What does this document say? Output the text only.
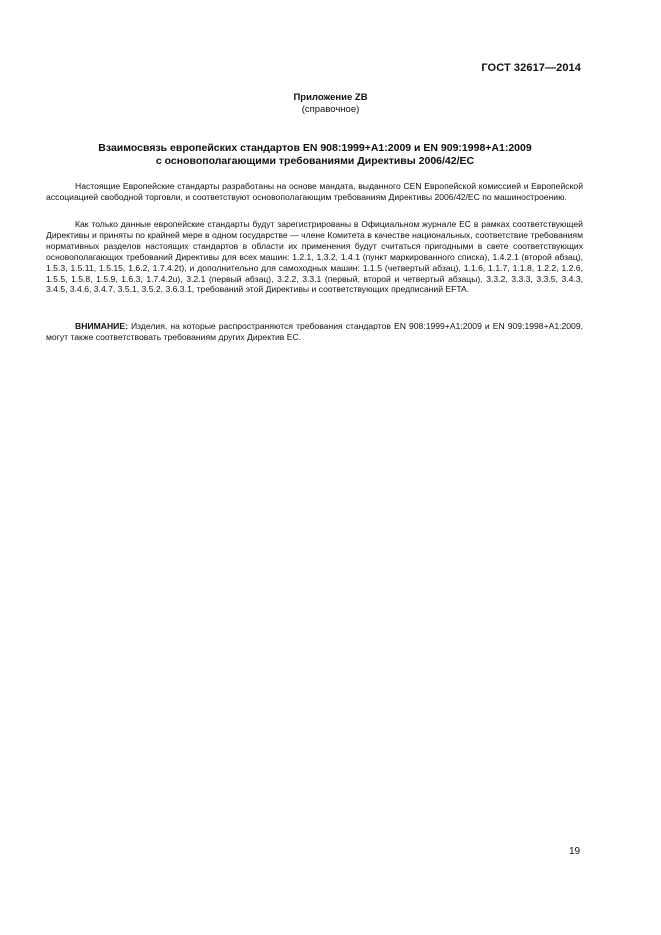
ГОСТ 32617—2014
Приложение ZВ
(справочное)
Взаимосвязь европейских стандартов EN 908:1999+А1:2009 и EN 909:1998+А1:2009
с основополагающими требованиями Директивы 2006/42/ЕС

Настоящие Европейские стандарты разработаны на основе мандата, выданного CEN Европейской комиссией и Европейской ассоциацией свободной торговли, и соответствуют основополагающим требованиям Директивы 2006/42/ЕС по машиностроению.

Как только данные европейские стандарты будут зарегистрированы в Официальном журнале ЕС в рамках соответствующей Директивы и приняты по крайней мере в одном государстве — члене Комитета в качестве национальных, соответствие требованиям нормативных разделов настоящих стандартов в области их применения будут считаться пригодными в свете соответствующих основополагающих требований Директивы для всех машин: 1.2.1, 1.3.2, 1.4.1 (пункт маркированного списка), 1.4.2.1 (второй абзац), 1.5.3, 1.5.11, 1.5.15, 1.6.2, 1.7.4.2t), и дополнительно для самоходных машин: 1.1.5 (четвертый абзац), 1.1.6, 1.1.7, 1.1.8, 1.2.2, 1.2.6, 1.5.5, 1.5.8, 1.5.9, 1.6.3, 1.7.4.2u), 3.2.1 (первый абзац), 3.2.2, 3.3.1 (первый, второй и четвертый абзацы), 3.3.2, 3.3.3, 3.3.5, 3.4.3, 3.4.5, 3.4.6, 3.4.7, 3.5.1, 3.5.2, 3.6.3.1, требований этой Директивы и соответствующих предписаний EFTA.

ВНИМАНИЕ: Изделия, на которые распространяются требования стандартов EN 908:1999+А1:2009 и EN 909:1998+А1:2009, могут также соответствовать требованиям других Директив ЕС.

19
